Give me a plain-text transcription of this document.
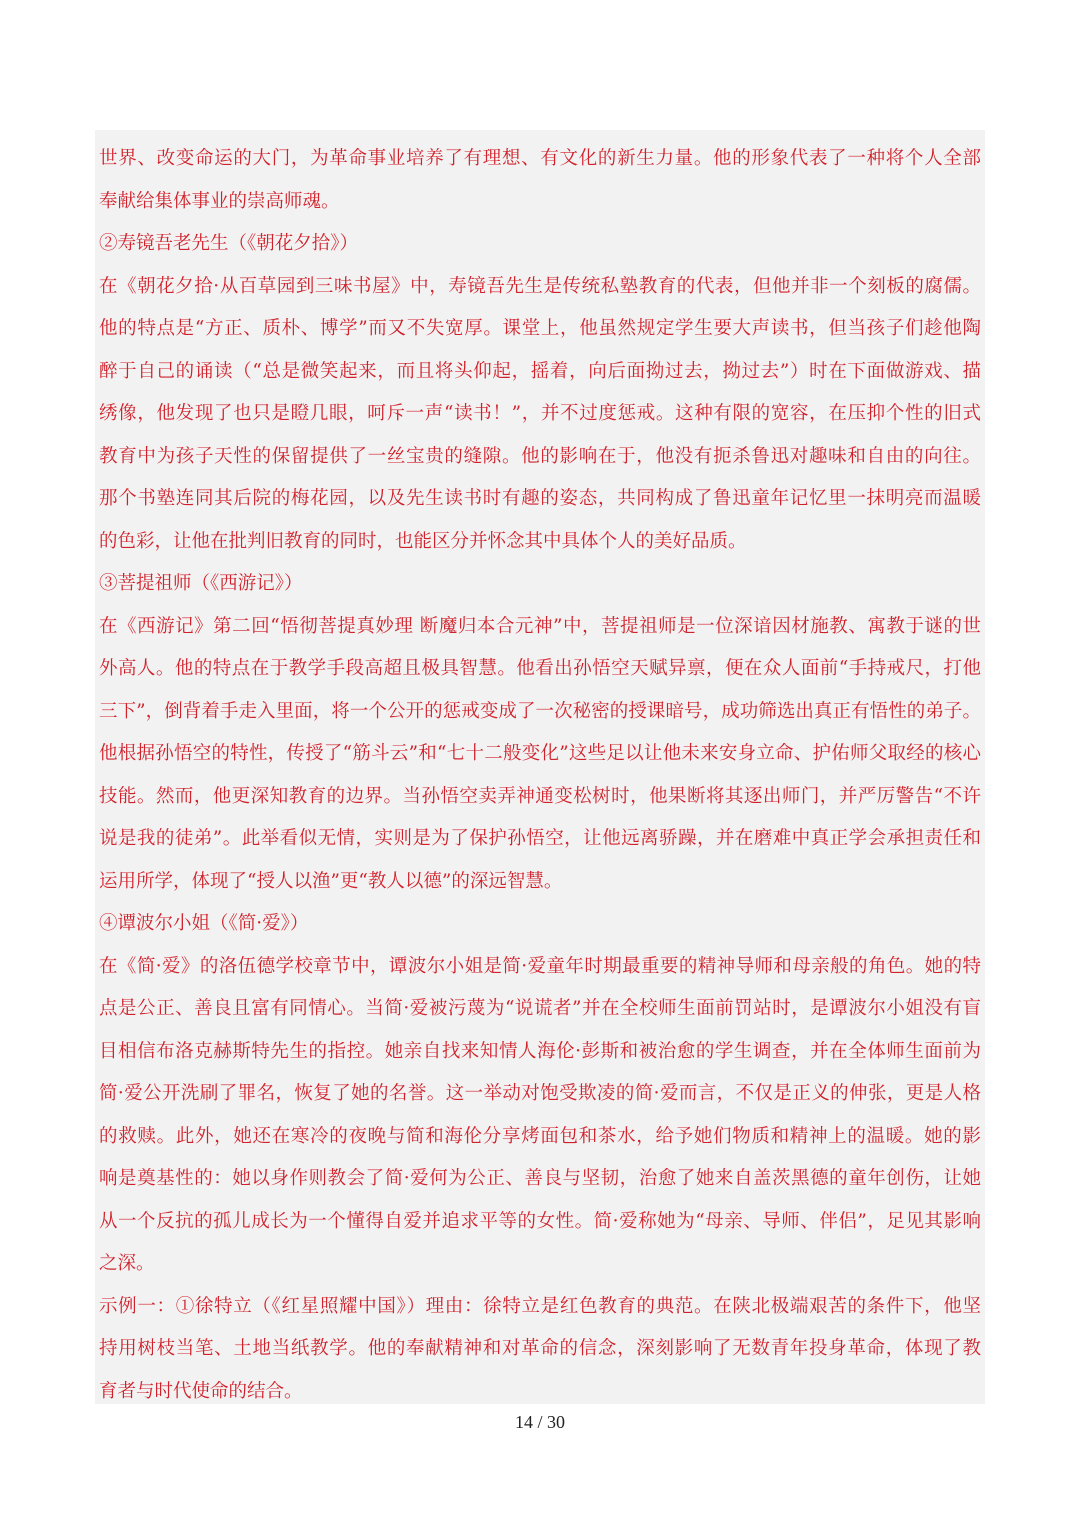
世界、改变命运的大门，为革命事业培养了有理想、有文化的新生力量。他的形象代表了一种将个人全部
奉献给集体事业的崇高师魂。
②寿镜吾老先生（《朝花夕拾》）
在《朝花夕拾·从百草园到三味书屋》中，寿镜吾先生是传统私塾教育的代表，但他并非一个刻板的腐儒。
他的特点是“方正、质朴、博学”而又不失宽厚。课堂上，他虽然规定学生要大声读书，但当孩子们趁他陶
醉于自己的诵读（“总是微笑起来，而且将头仰起，摇着，向后面拗过去，拗过去”）时在下面做游戏、描
绣像，他发现了也只是瞪几眼，呵斥一声“读书！”，并不过度惩戒。这种有限的宽容，在压抑个性的旧式
教育中为孩子天性的保留提供了一丝宝贵的缝隙。他的影响在于，他没有扼杀鲁迅对趣味和自由的向往。
那个书塾连同其后院的梅花园，以及先生读书时有趣的姿态，共同构成了鲁迅童年记忆里一抹明亮而温暖
的色彩，让他在批判旧教育的同时，也能区分并怀念其中具体个人的美好品质。
③菩提祖师（《西游记》）
在《西游记》第二回“悟彻菩提真妙理 断魔归本合元神”中，菩提祖师是一位深谙因材施教、寓教于谜的世
外高人。他的特点在于教学手段高超且极具智慧。他看出孙悟空天赋异禀，便在众人面前“手持戒尺，打他
三下”，倒背着手走入里面，将一个公开的惩戒变成了一次秘密的授课暗号，成功筛选出真正有悟性的弟子。
他根据孙悟空的特性，传授了“筋斗云”和“七十二般变化”这些足以让他未来安身立命、护佑师父取经的核心
技能。然而，他更深知教育的边界。当孙悟空卖弄神通变松树时，他果断将其逐出师门，并严厉警告“不许
说是我的徒弟”。此举看似无情，实则是为了保护孙悟空，让他远离骄躁，并在磨难中真正学会承担责任和
运用所学，体现了“授人以渔”更“教人以德”的深远智慧。
④谭波尔小姐（《简·爱》）
在《简·爱》的洛伍德学校章节中，谭波尔小姐是简·爱童年时期最重要的精神导师和母亲般的角色。她的特
点是公正、善良且富有同情心。当简·爱被污蔑为“说谎者”并在全校师生面前罚站时，是谭波尔小姐没有盲
目相信布洛克赫斯特先生的指控。她亲自找来知情人海伦·彭斯和被治愈的学生调查，并在全体师生面前为
简·爱公开洗刷了罪名，恢复了她的名誉。这一举动对饱受欺凌的简·爱而言，不仅是正义的伸张，更是人格
的救赎。此外，她还在寒冷的夜晚与简和海伦分享烤面包和茶水，给予她们物质和精神上的温暖。她的影
响是奠基性的：她以身作则教会了简·爱何为公正、善良与坚韧，治愈了她来自盖茨黑德的童年创伤，让她
从一个反抗的孤儿成长为一个懂得自爱并追求平等的女性。简·爱称她为“母亲、导师、伴侣”，足见其影响
之深。
示例一：①徐特立（《红星照耀中国》）理由：徐特立是红色教育的典范。在陕北极端艰苦的条件下，他坚
持用树枝当笔、土地当纸教学。他的奉献精神和对革命的信念，深刻影响了无数青年投身革命，体现了教
育者与时代使命的结合。
14 / 30
